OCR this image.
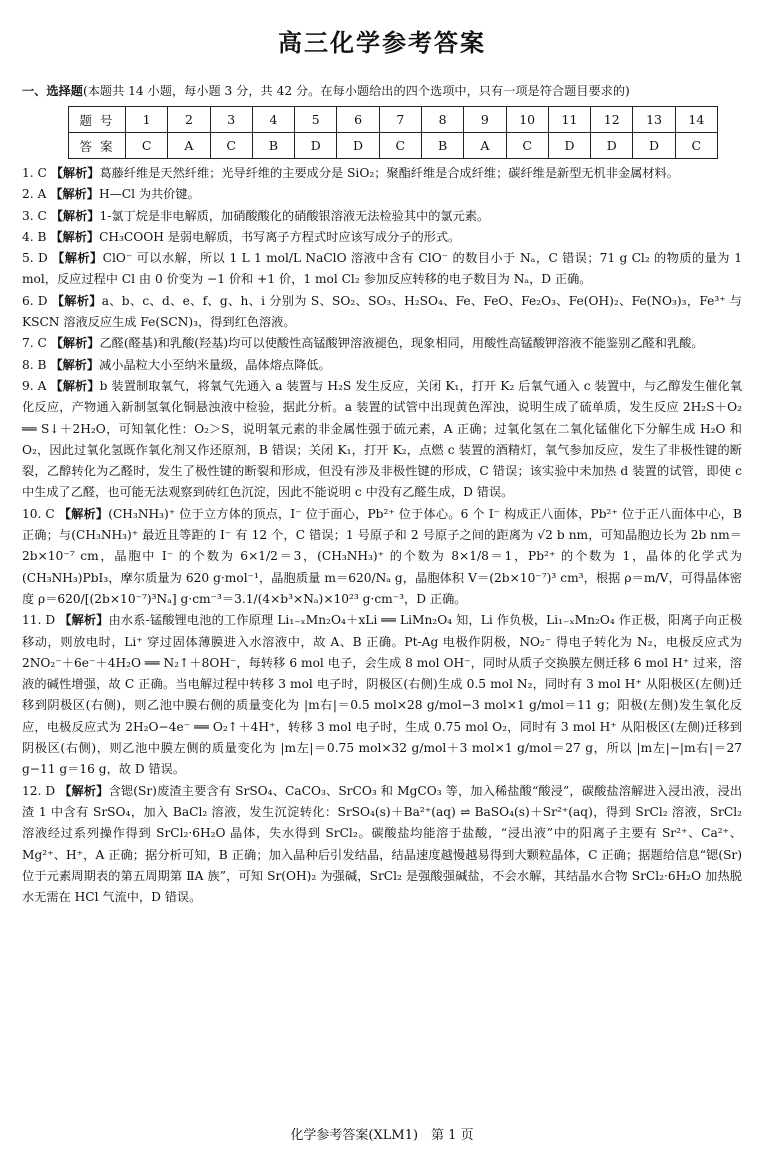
高三化学参考答案
一、选择题(本题共 14 小题，每小题 3 分，共 42 分。在每小题给出的四个选项中，只有一项是符合题目要求的)
题 号	1	2	3	4	5	6	7	8	9	10	11	12	13	14
答 案	C	A	C	B	D	D	C	B	A	C	D	D	D	C

1. C 【解析】葛藤纤维是天然纤维；光导纤维的主要成分是 SiO₂；聚酯纤维是合成纤维；碳纤维是新型无机非金属材料。

2. A 【解析】H—Cl 为共价键。

3. C 【解析】1-氯丁烷是非电解质，加硝酸酸化的硝酸银溶液无法检验其中的氯元素。

4. B 【解析】CH₃COOH 是弱电解质，书写离子方程式时应该写成分子的形式。

5. D 【解析】ClO⁻ 可以水解，所以 1 L 1 mol/L NaClO 溶液中含有 ClO⁻ 的数目小于 Nₐ，C 错误；71 g Cl₂ 的物质的量为 1 mol，反应过程中 Cl 由 0 价变为 −1 价和 +1 价，1 mol Cl₂ 参加反应转移的电子数目为 Nₐ，D 正确。

6. D 【解析】a、b、c、d、e、f、g、h、i 分别为 S、SO₂、SO₃、H₂SO₄、Fe、FeO、Fe₂O₃、Fe(OH)₂、Fe(NO₃)₃，Fe³⁺ 与 KSCN 溶液反应生成 Fe(SCN)₃，得到红色溶液。

7. C 【解析】乙醛(醛基)和乳酸(羟基)均可以使酸性高锰酸钾溶液褪色，现象相同，用酸性高锰酸钾溶液不能鉴别乙醛和乳酸。

8. B 【解析】减小晶粒大小至纳米量级，晶体熔点降低。

9. A 【解析】b 装置制取氧气，将氧气先通入 a 装置与 H₂S 发生反应，关闭 K₁，打开 K₂ 后氧气通入 c 装置中，与乙醇发生催化氧化反应，产物通入新制氢氧化铜悬浊液中检验，据此分析。a 装置的试管中出现黄色浑浊，说明生成了硫单质，发生反应 2H₂S＋O₂ ══ S↓＋2H₂O，可知氧化性：O₂＞S，说明氧元素的非金属性强于硫元素，A 正确；过氧化氢在二氧化锰催化下分解生成 H₂O 和 O₂，因此过氧化氢既作氧化剂又作还原剂，B 错误；关闭 K₁，打开 K₂，点燃 c 装置的酒精灯，氧气参加反应，发生了非极性键的断裂，乙醇转化为乙醛时，发生了极性键的断裂和形成，但没有涉及非极性键的形成，C 错误；该实验中未加热 d 装置的试管，即使 c 中生成了乙醛，也可能无法观察到砖红色沉淀，因此不能说明 c 中没有乙醛生成，D 错误。

10. C 【解析】(CH₃NH₃)⁺ 位于立方体的顶点，I⁻ 位于面心，Pb²⁺ 位于体心。6 个 I⁻ 构成正八面体，Pb²⁺ 位于正八面体中心，B 正确；与(CH₃NH₃)⁺ 最近且等距的 I⁻ 有 12 个，C 错误；1 号原子和 2 号原子之间的距离为 √2 b nm，可知晶胞边长为 2b nm＝2b×10⁻⁷ cm，晶胞中 I⁻ 的个数为 6×1/2＝3，(CH₃NH₃)⁺ 的个数为 8×1/8＝1，Pb²⁺ 的个数为 1，晶体的化学式为(CH₃NH₃)PbI₃，摩尔质量为 620 g·mol⁻¹，晶胞质量 m＝620/Nₐ g，晶胞体积 V＝(2b×10⁻⁷)³ cm³，根据 ρ＝m/V，可得晶体密度 ρ＝620/[(2b×10⁻⁷)³Nₐ] g·cm⁻³＝3.1/(4×b³×Nₐ)×10²³ g·cm⁻³，D 正确。

11. D 【解析】由水系-锰酸锂电池的工作原理 Li₁₋ₓMn₂O₄＋xLi ══ LiMn₂O₄ 知，Li 作负极，Li₁₋ₓMn₂O₄ 作正极，阳离子向正极移动，则放电时，Li⁺ 穿过固体薄膜进入水溶液中，故 A、B 正确。Pt-Ag 电极作阴极，NO₂⁻ 得电子转化为 N₂，电极反应式为 2NO₂⁻＋6e⁻＋4H₂O ══ N₂↑＋8OH⁻，每转移 6 mol 电子，会生成 8 mol OH⁻，同时从质子交换膜左侧迁移 6 mol H⁺ 过来，溶液的碱性增强，故 C 正确。当电解过程中转移 3 mol 电子时，阴极区(右侧)生成 0.5 mol N₂，同时有 3 mol H⁺ 从阳极区(左侧)迁移到阴极区(右侧)，则乙池中膜右侧的质量变化为 |m右|＝0.5 mol×28 g/mol−3 mol×1 g/mol＝11 g；阳极(左侧)发生氧化反应，电极反应式为 2H₂O−4e⁻ ══ O₂↑＋4H⁺，转移 3 mol 电子时，生成 0.75 mol O₂，同时有 3 mol H⁺ 从阳极区(左侧)迁移到阴极区(右侧)，则乙池中膜左侧的质量变化为 |m左|＝0.75 mol×32 g/mol＋3 mol×1 g/mol＝27 g，所以 |m左|−|m右|＝27 g−11 g＝16 g，故 D 错误。

12. D 【解析】含锶(Sr)废渣主要含有 SrSO₄、CaCO₃、SrCO₃ 和 MgCO₃ 等，加入稀盐酸“酸浸”，碳酸盐溶解进入浸出液，浸出渣 1 中含有 SrSO₄，加入 BaCl₂ 溶液，发生沉淀转化：SrSO₄(s)＋Ba²⁺(aq) ⇌ BaSO₄(s)＋Sr²⁺(aq)，得到 SrCl₂ 溶液，SrCl₂ 溶液经过系列操作得到 SrCl₂·6H₂O 晶体，失水得到 SrCl₂。碳酸盐均能溶于盐酸，“浸出液”中的阳离子主要有 Sr²⁺、Ca²⁺、Mg²⁺、H⁺，A 正确；据分析可知，B 正确；加入晶种后引发结晶，结晶速度越慢越易得到大颗粒晶体，C 正确；据题给信息“锶(Sr)位于元素周期表的第五周期第 ⅡA 族”，可知 Sr(OH)₂ 为强碱，SrCl₂ 是强酸强碱盐，不会水解，其结晶水合物 SrCl₂·6H₂O 加热脱水无需在 HCl 气流中，D 错误。

化学参考答案(XLM1)　第 1 页
